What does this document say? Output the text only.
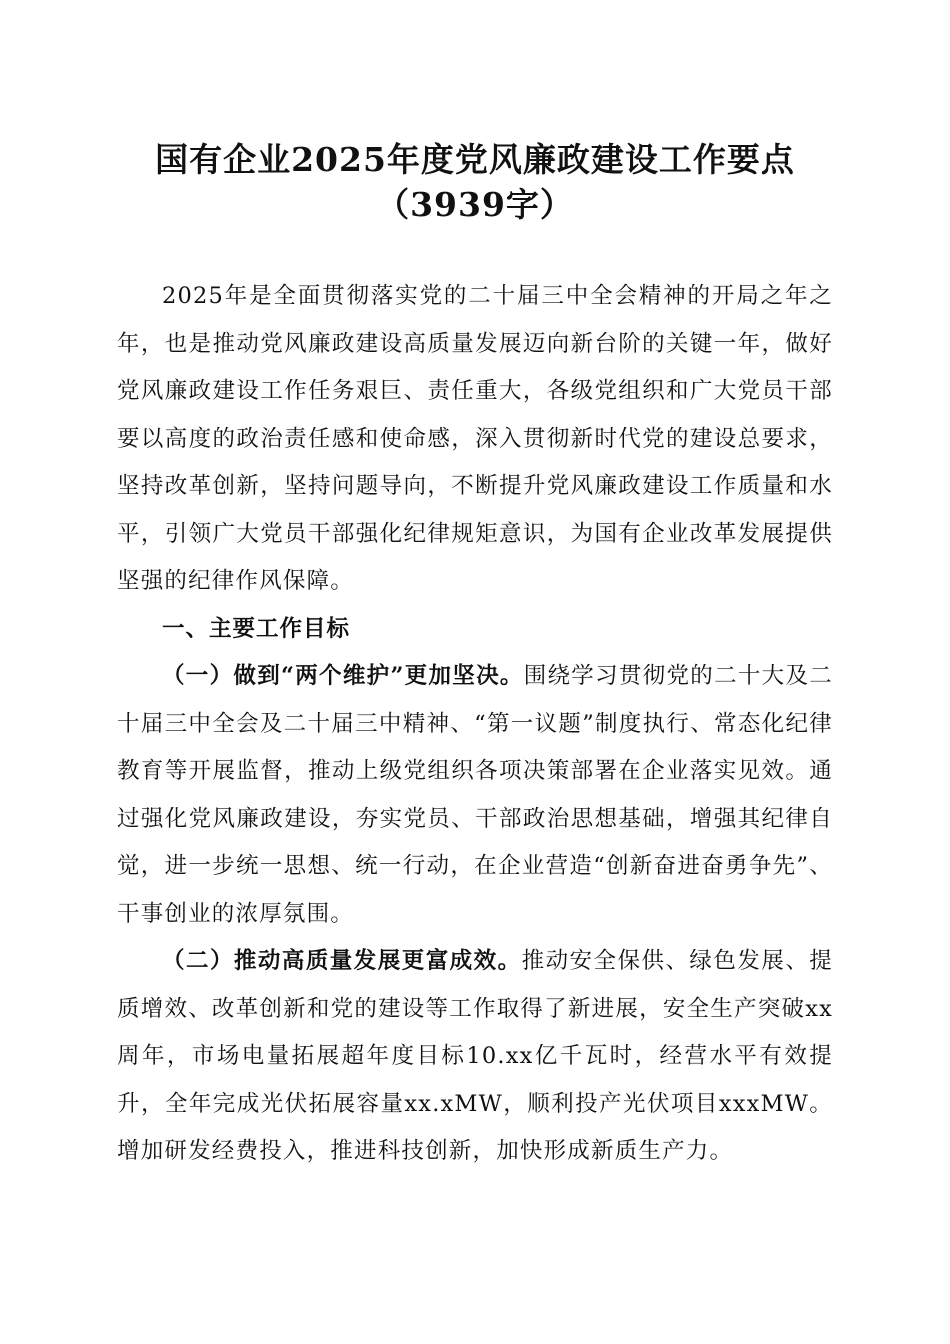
国有企业2025年度党风廉政建设工作要点
（3939字）

2025年是全面贯彻落实党的二十届三中全会精神的开局之年之年，也是推动党风廉政建设高质量发展迈向新台阶的关键一年，做好党风廉政建设工作任务艰巨、责任重大，各级党组织和广大党员干部要以高度的政治责任感和使命感，深入贯彻新时代党的建设总要求，坚持改革创新，坚持问题导向，不断提升党风廉政建设工作质量和水平，引领广大党员干部强化纪律规矩意识，为国有企业改革发展提供坚强的纪律作风保障。

一、主要工作目标

（一）做到“两个维护”更加坚决。围绕学习贯彻党的二十大及二十届三中全会及二十届三中精神、“第一议题”制度执行、常态化纪律教育等开展监督，推动上级党组织各项决策部署在企业落实见效。通过强化党风廉政建设，夯实党员、干部政治思想基础，增强其纪律自觉，进一步统一思想、统一行动，在企业营造“创新奋进奋勇争先”、干事创业的浓厚氛围。

（二）推动高质量发展更富成效。推动安全保供、绿色发展、提质增效、改革创新和党的建设等工作取得了新进展，安全生产突破xx周年，市场电量拓展超年度目标10.xx亿千瓦时，经营水平有效提升，全年完成光伏拓展容量xx.xMW，顺利投产光伏项目xxxMW。增加研发经费投入，推进科技创新，加快形成新质生产力。
